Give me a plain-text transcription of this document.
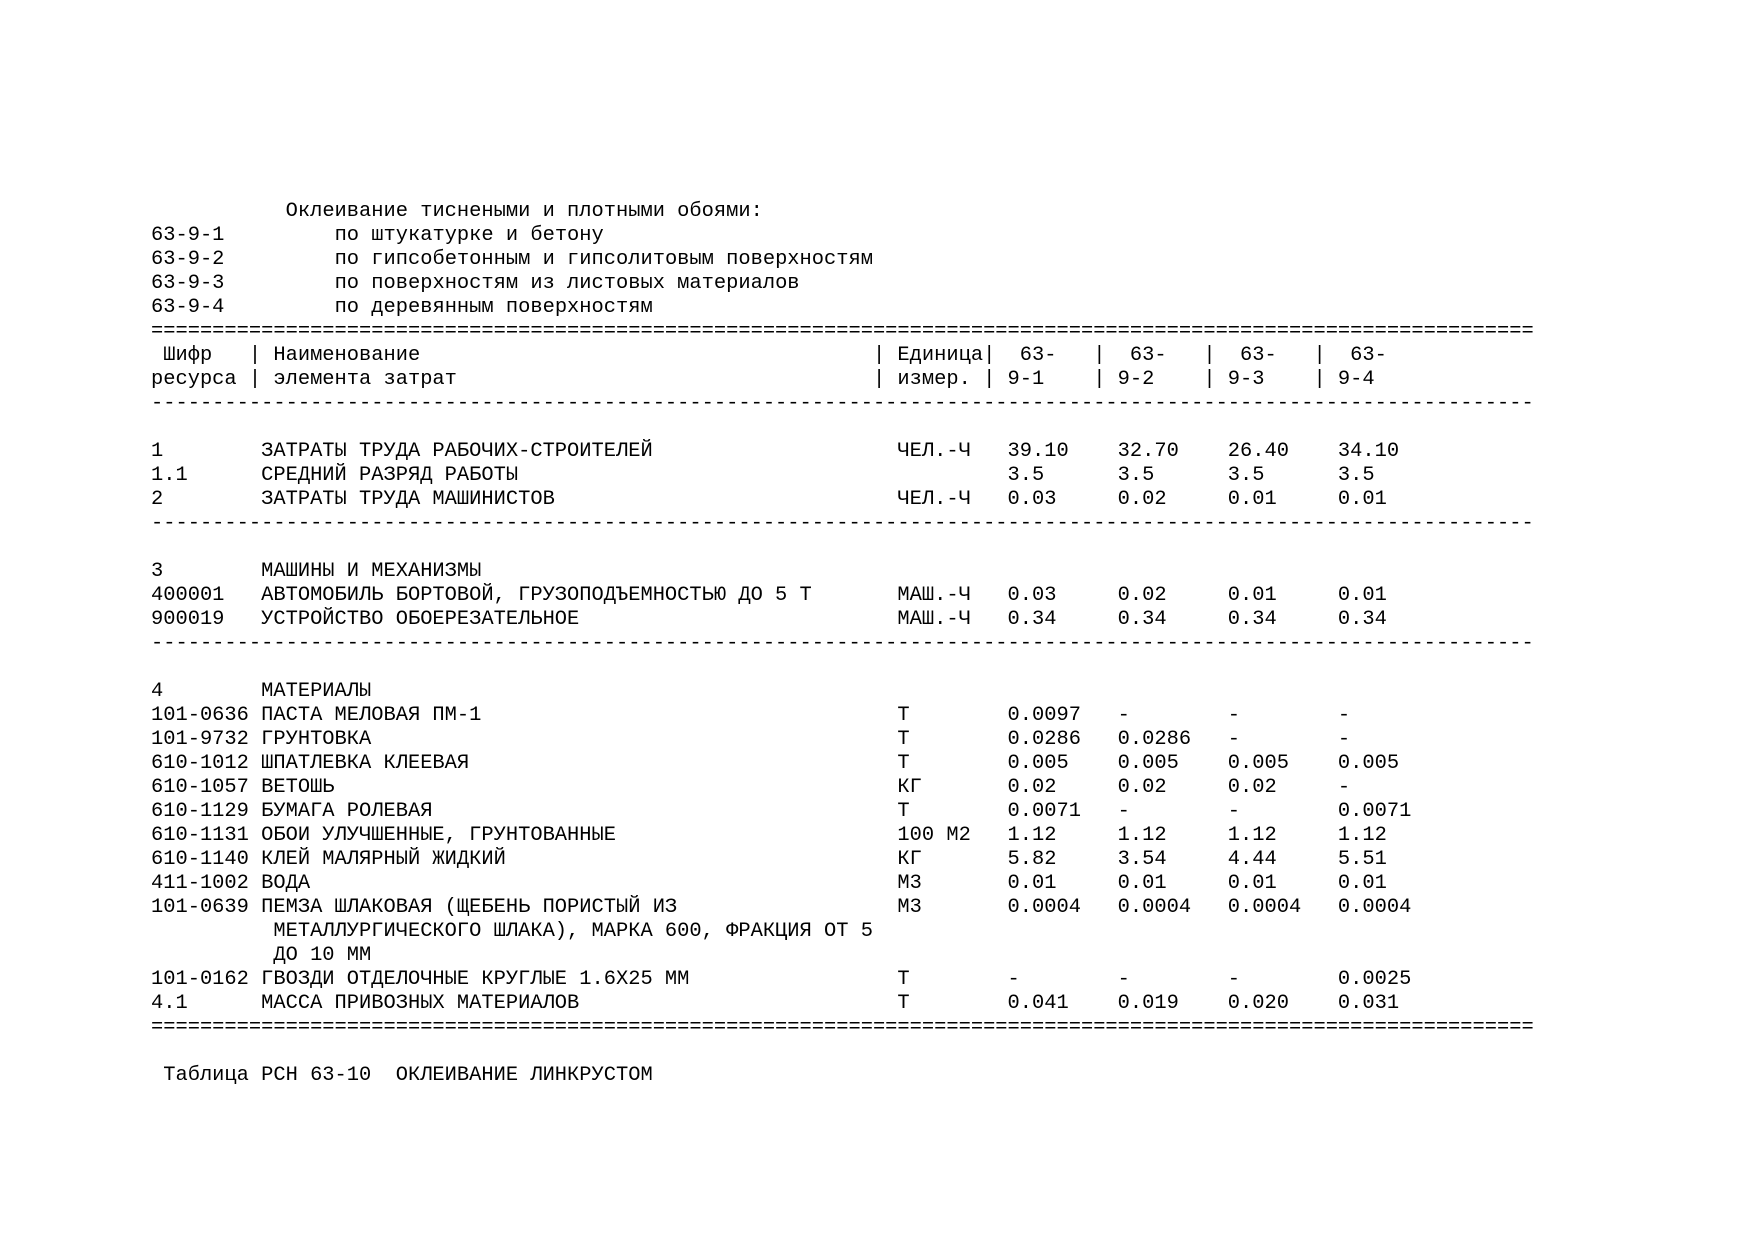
Оклеивание тиснеными и плотными обоями:
63-9-1	по штукатурке и бетону
63-9-2	по гипсобетонным и гипсолитовым поверхностям
63-9-3	по поверхностям из листовых материалов
63-9-4	по деревянным поверхностям
=================================================================================================================
Шифр   | Наименование                                     | Единица|  63-   |  63-   |  63-   |  63-
ресурса | элемента затрат                                  | измер. | 9-1    | 9-2    | 9-3    | 9-4
-----------------------------------------------------------------------------------------------------------------
1        ЗАТРАТЫ ТРУДА РАБОЧИХ-СТРОИТЕЛЕЙ                    ЧЕЛ.-Ч   39.10    32.70    26.40    34.10
1.1      СРЕДНИЙ РАЗРЯД РАБОТЫ                                        3.5      3.5      3.5      3.5
2        ЗАТРАТЫ ТРУДА МАШИНИСТОВ                            ЧЕЛ.-Ч   0.03     0.02     0.01     0.01
-----------------------------------------------------------------------------------------------------------------
3        МАШИНЫ И МЕХАНИЗМЫ
400001   АВТОМОБИЛЬ БОРТОВОЙ, ГРУЗОПОДЪЕМНОСТЬЮ ДО 5 Т       МАШ.-Ч   0.03     0.02     0.01     0.01
900019   УСТРОЙСТВО ОБОЕРЕЗАТЕЛЬНОЕ                          МАШ.-Ч   0.34     0.34     0.34     0.34
-----------------------------------------------------------------------------------------------------------------
4        МАТЕРИАЛЫ
101-0636 ПАСТА МЕЛОВАЯ ПМ-1                                  Т        0.0097   -        -        -
101-9732 ГРУНТОВКА                                           Т        0.0286   0.0286   -        -
610-1012 ШПАТЛЕВКА КЛЕЕВАЯ                                   Т        0.005    0.005    0.005    0.005
610-1057 ВЕТОШЬ                                              КГ       0.02     0.02     0.02     -
610-1129 БУМАГА РОЛЕВАЯ                                      Т        0.0071   -        -        0.0071
610-1131 ОБОИ УЛУЧШЕННЫЕ, ГРУНТОВАННЫЕ                       100 М2   1.12     1.12     1.12     1.12
610-1140 КЛЕЙ МАЛЯРНЫЙ ЖИДКИЙ                                КГ       5.82     3.54     4.44     5.51
411-1002 ВОДА                                                М3       0.01     0.01     0.01     0.01
101-0639 ПЕМЗА ШЛАКОВАЯ (ЩЕБЕНЬ ПОРИСТЫЙ ИЗ                  М3       0.0004   0.0004   0.0004   0.0004
МЕТАЛЛУРГИЧЕСКОГО ШЛАКА), МАРКА 600, ФРАКЦИЯ ОТ 5
ДО 10 ММ
101-0162 ГВОЗДИ ОТДЕЛОЧНЫЕ КРУГЛЫЕ 1.6Х25 ММ                 Т        -        -        -        0.0025
4.1      МАССА ПРИВОЗНЫХ МАТЕРИАЛОВ                          Т        0.041    0.019    0.020    0.031
=================================================================================================================
Таблица РСН 63-10  ОКЛЕИВАНИЕ ЛИНКРУСТОМ
